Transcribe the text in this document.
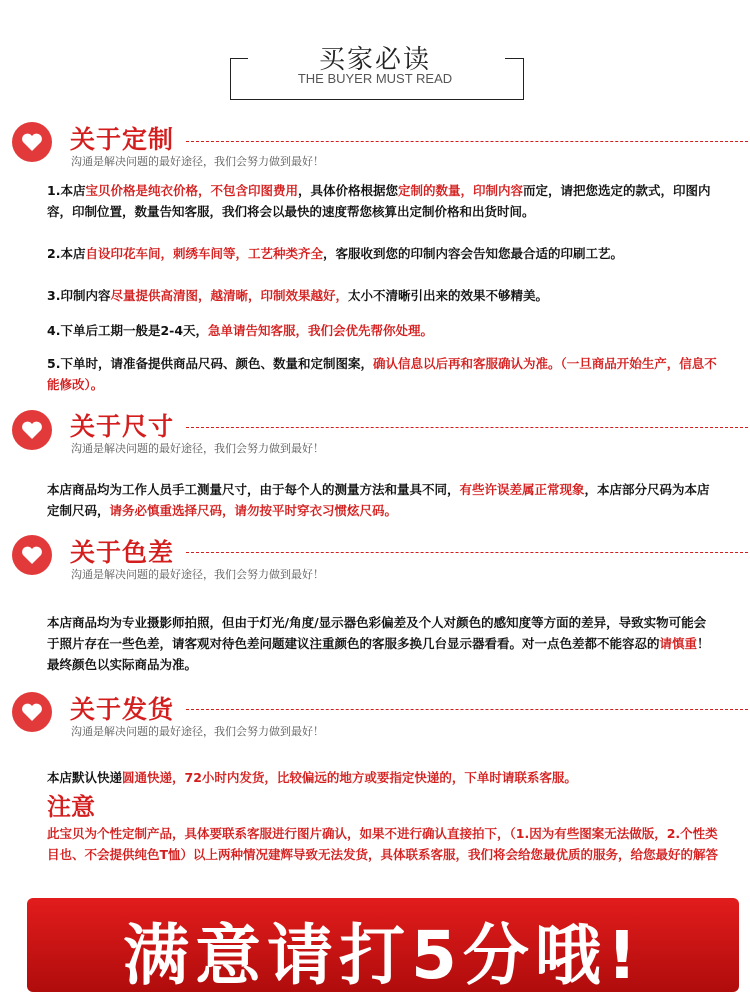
买家必读
THE BUYER MUST READ
关于定制
沟通是解决问题的最好途径，我们会努力做到最好！
1.本店宝贝价格是纯衣价格，不包含印图费用，具体价格根据您定制的数量，印制内容而定，请把您选定的款式，印图内容，印制位置，数量告知客服，我们将会以最快的速度帮您核算出定制价格和出货时间。
2.本店自设印花车间，刺绣车间等，工艺种类齐全，客服收到您的印制内容会告知您最合适的印刷工艺。
3.印制内容尽量提供高清图，越清晰，印制效果越好，太小不清晰引出来的效果不够精美。
4.下单后工期一般是2-4天，急单请告知客服，我们会优先帮你处理。
5.下单时，请准备提供商品尺码、颜色、数量和定制图案，确认信息以后再和客服确认为准。（一旦商品开始生产，信息不能修改）。
关于尺寸
沟通是解决问题的最好途径，我们会努力做到最好！
本店商品均为工作人员手工测量尺寸，由于每个人的测量方法和量具不同，有些许误差属正常现象，本店部分尺码为本店定制尺码，请务必慎重选择尺码，请勿按平时穿衣习惯炫尺码。
关于色差
沟通是解决问题的最好途径，我们会努力做到最好！
本店商品均为专业摄影师拍照，但由于灯光/角度/显示器色彩偏差及个人对颜色的感知度等方面的差异，导致实物可能会于照片存在一些色差，请客观对待色差问题建议注重颜色的客服多换几台显示器看看。对一点色差都不能容忍的请慎重！最终颜色以实际商品为准。
关于发货
沟通是解决问题的最好途径，我们会努力做到最好！
本店默认快递圆通快递，72小时内发货，比较偏远的地方或要指定快递的，下单时请联系客服。
注意
此宝贝为个性定制产品，具体要联系客服进行图片确认，如果不进行确认直接拍下，（1.因为有些图案无法做版，2.个性类目也、不会提供纯色T恤）以上两种情况建辉导致无法发货，具体联系客服，我们将会给您最优质的服务，给您最好的解答
满意请打5分哦!
